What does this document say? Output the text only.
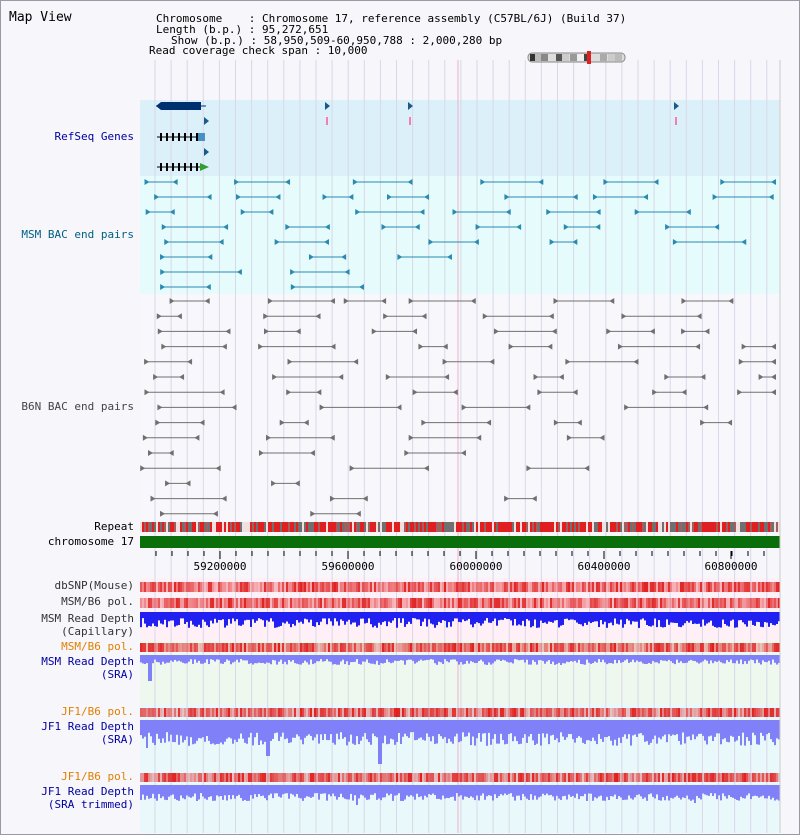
59200000	59600000	60000000	60400000	60800000
Map View	Chromosome    : Chromosome 17, reference assembly (C57BL/6J) (Build 37)
Length (b.p.) : 95,272,651
Show (b.p.) : 58,950,509-60,950,788 : 2,000,280 bp
Read coverage check span : 10,000
RefSeq Genes
MSM BAC end pairs
B6N BAC end pairs
Repeat
chromosome 17
dbSNP(Mouse)
MSM/B6 pol.
MSM Read Depth
(Capillary)
MSM/B6 pol.
MSM Read Depth
(SRA)
JF1/B6 pol.
JF1 Read Depth
(SRA)
JF1/B6 pol.
JF1 Read Depth
(SRA trimmed)
